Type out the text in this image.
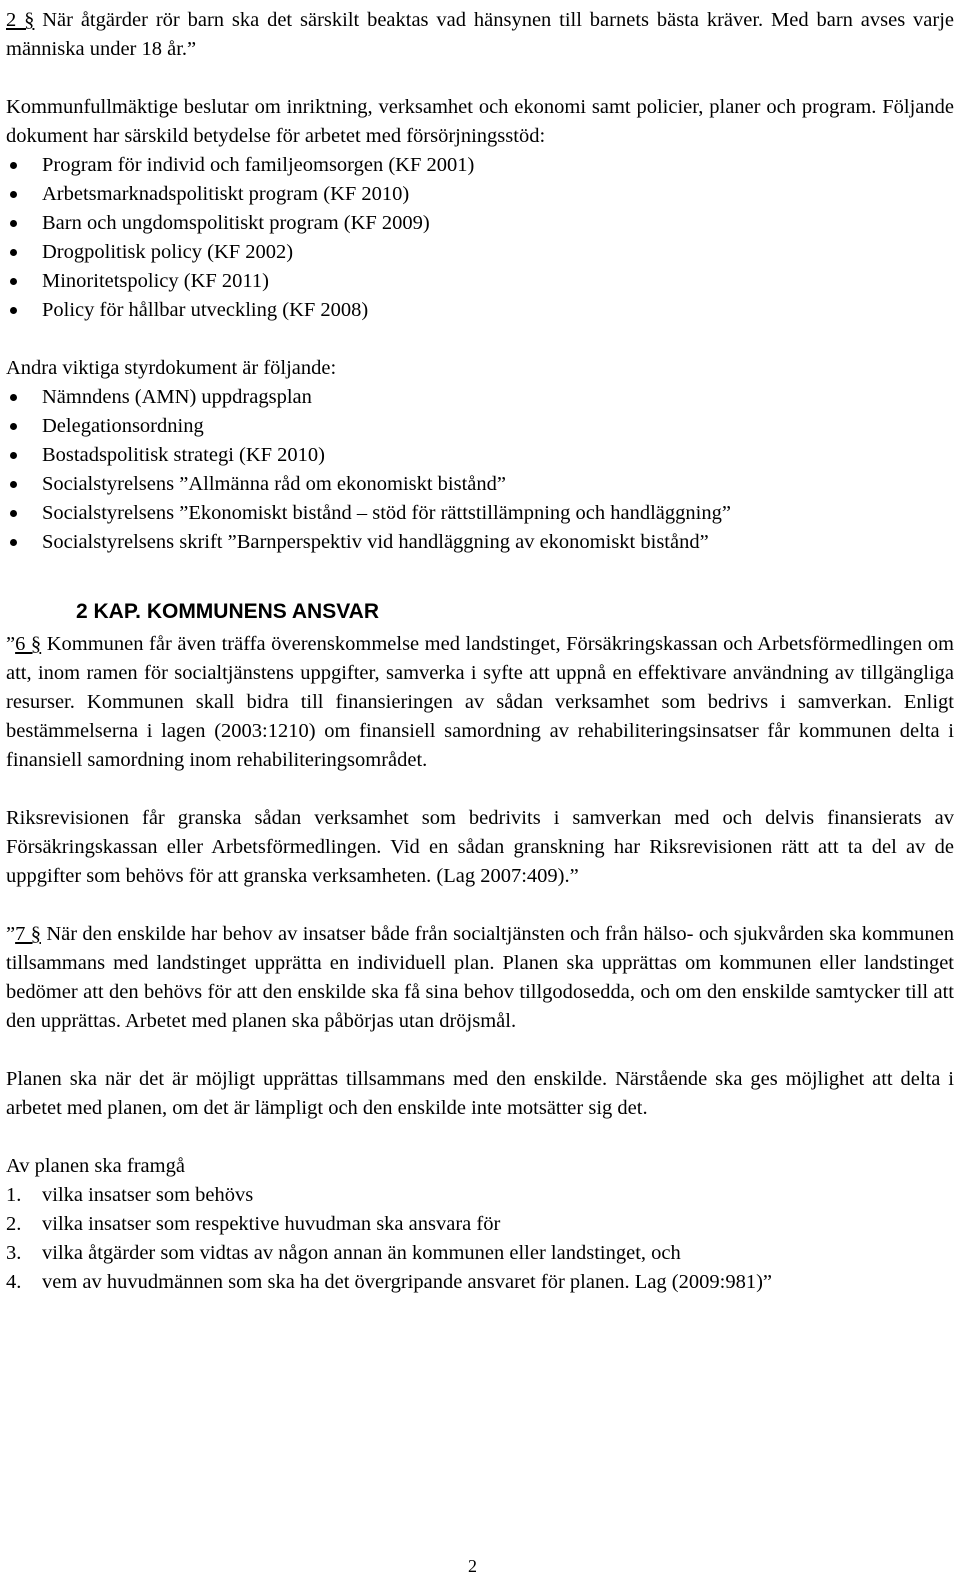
2 § När åtgärder rör barn ska det särskilt beaktas vad hänsynen till barnets bästa kräver. Med barn avses varje människa under 18 år.”

Kommunfullmäktige beslutar om inriktning, verksamhet och ekonomi samt policier, planer och program. Följande dokument har särskild betydelse för arbetet med försörjningsstöd:

Program för individ och familjeomsorgen (KF 2001)
Arbetsmarknadspolitiskt program (KF 2010)
Barn och ungdomspolitiskt program (KF 2009)
Drogpolitisk policy (KF 2002)
Minoritetspolicy (KF 2011)
Policy för hållbar utveckling (KF 2008)

Andra viktiga styrdokument är följande:

Nämndens (AMN) uppdragsplan
Delegationsordning
Bostadspolitisk strategi (KF 2010)
Socialstyrelsens ”Allmänna råd om ekonomiskt bistånd”
Socialstyrelsens ”Ekonomiskt bistånd – stöd för rättstillämpning och handläggning”
Socialstyrelsens skrift ”Barnperspektiv vid handläggning av ekonomiskt bistånd”

2 KAP. KOMMUNENS ANSVAR

”6 § Kommunen får även träffa överenskommelse med landstinget, Försäkringskassan och Arbetsförmedlingen om att, inom ramen för socialtjänstens uppgifter, samverka i syfte att uppnå en effektivare användning av tillgängliga resurser. Kommunen skall bidra till finansieringen av sådan verksamhet som bedrivs i samverkan. Enligt bestämmelserna i lagen (2003:1210) om finansiell samordning av rehabiliteringsinsatser får kommunen delta i finansiell samordning inom rehabiliteringsområdet.

Riksrevisionen får granska sådan verksamhet som bedrivits i samverkan med och delvis finansierats av Försäkringskassan eller Arbetsförmedlingen. Vid en sådan granskning har Riksrevisionen rätt att ta del av de uppgifter som behövs för att granska verksamheten. (Lag 2007:409).”

”7 § När den enskilde har behov av insatser både från socialtjänsten och från hälso- och sjukvården ska kommunen tillsammans med landstinget upprätta en individuell plan. Planen ska upprättas om kommunen eller landstinget bedömer att den behövs för att den enskilde ska få sina behov tillgodosedda, och om den enskilde samtycker till att den upprättas. Arbetet med planen ska påbörjas utan dröjsmål.

Planen ska när det är möjligt upprättas tillsammans med den enskilde. Närstående ska ges möjlighet att delta i arbetet med planen, om det är lämpligt och den enskilde inte motsätter sig det.

Av planen ska framgå

1. vilka insatser som behövs
2. vilka insatser som respektive huvudman ska ansvara för
3. vilka åtgärder som vidtas av någon annan än kommunen eller landstinget, och
4. vem av huvudmännen som ska ha det övergripande ansvaret för planen. Lag (2009:981)”
2
